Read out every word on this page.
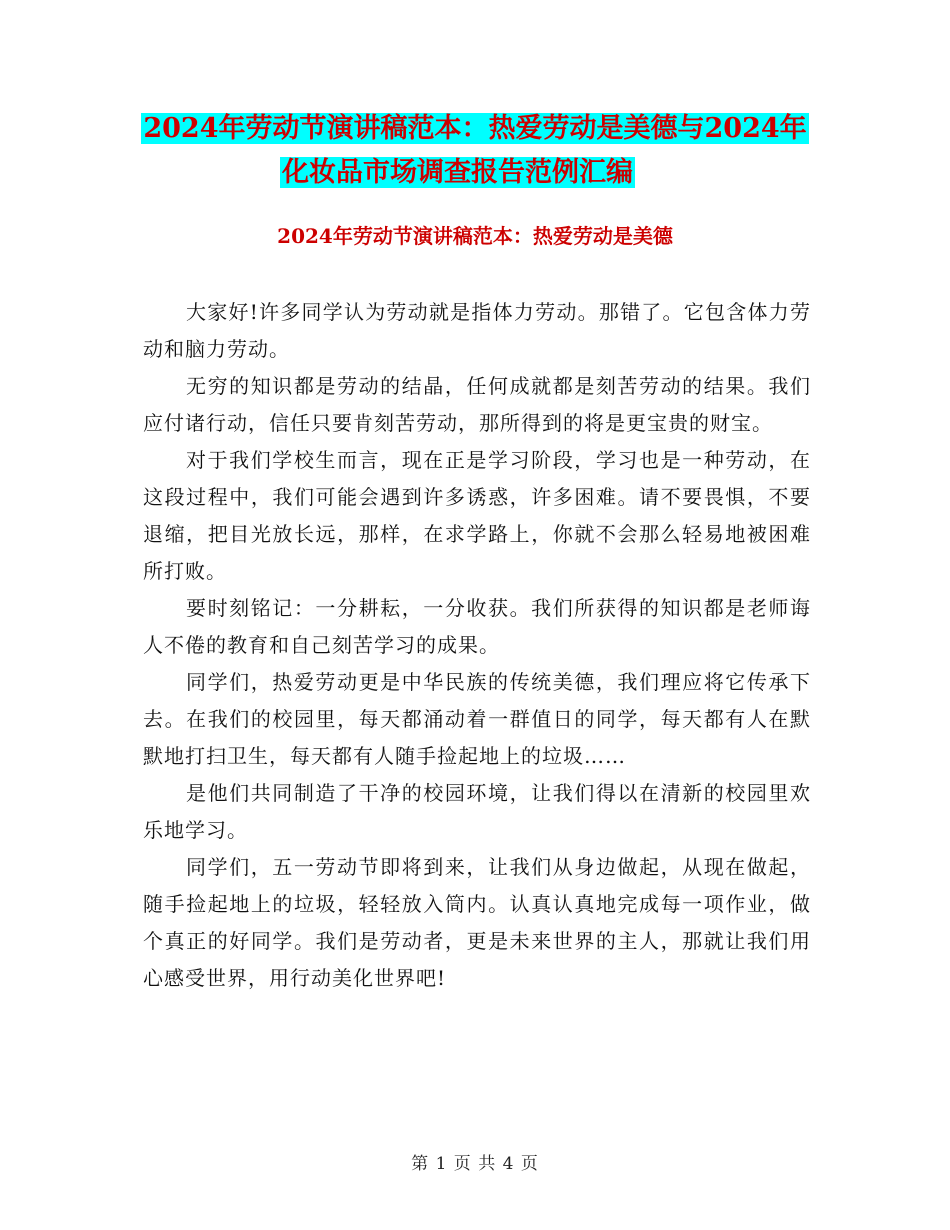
2024年劳动节演讲稿范本：热爱劳动是美德与2024年
化妆品市场调查报告范例汇编
2024年劳动节演讲稿范本：热爱劳动是美德

大家好!许多同学认为劳动就是指体力劳动。那错了。它包含体力劳动和脑力劳动。

无穷的知识都是劳动的结晶，任何成就都是刻苦劳动的结果。我们应付诸行动，信任只要肯刻苦劳动，那所得到的将是更宝贵的财宝。

对于我们学校生而言，现在正是学习阶段，学习也是一种劳动，在这段过程中，我们可能会遇到许多诱惑，许多困难。请不要畏惧，不要退缩，把目光放长远，那样，在求学路上，你就不会那么轻易地被困难所打败。

要时刻铭记：一分耕耘，一分收获。我们所获得的知识都是老师诲人不倦的教育和自己刻苦学习的成果。

同学们，热爱劳动更是中华民族的传统美德，我们理应将它传承下去。在我们的校园里，每天都涌动着一群值日的同学，每天都有人在默默地打扫卫生，每天都有人随手捡起地上的垃圾……

是他们共同制造了干净的校园环境，让我们得以在清新的校园里欢乐地学习。

同学们，五一劳动节即将到来，让我们从身边做起，从现在做起，随手捡起地上的垃圾，轻轻放入筒内。认真认真地完成每一项作业，做个真正的好同学。我们是劳动者，更是未来世界的主人，那就让我们用心感受世界，用行动美化世界吧!

第 1 页 共 4 页
